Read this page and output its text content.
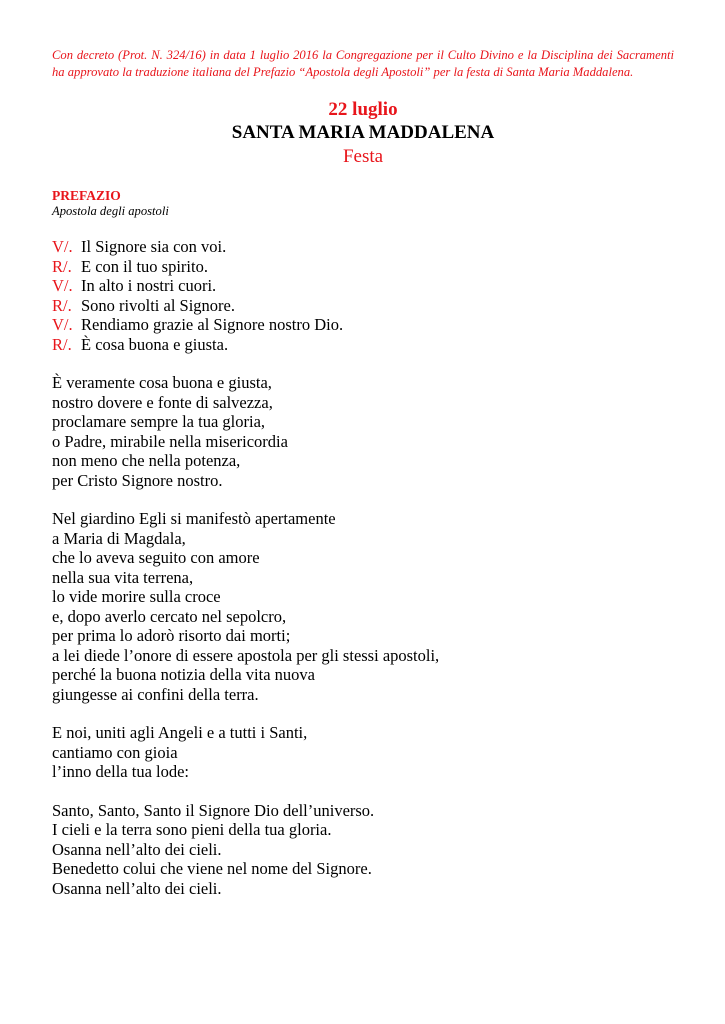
Con decreto (Prot. N. 324/16) in data 1 luglio 2016 la Congregazione per il Culto Divino e la Disciplina dei Sacramenti ha approvato la traduzione italiana del Prefazio “Apostola degli Apostoli” per la festa di Santa Maria Maddalena.

22 luglio
SANTA MARIA MADDALENA
Festa
PREFAZIO
Apostola degli apostoli
V/. Il Signore sia con voi.
R/. E con il tuo spirito.
V/. In alto i nostri cuori.
R/. Sono rivolti al Signore.
V/. Rendiamo grazie al Signore nostro Dio.
R/. È cosa buona e giusta.
È veramente cosa buona e giusta,
nostro dovere e fonte di salvezza,
proclamare sempre la tua gloria,
o Padre, mirabile nella misericordia
non meno che nella potenza,
per Cristo Signore nostro.
Nel giardino Egli si manifestò apertamente
a Maria di Magdala,
che lo aveva seguito con amore
nella sua vita terrena,
lo vide morire sulla croce
e, dopo averlo cercato nel sepolcro,
per prima lo adorò risorto dai morti;
a lei diede l’onore di essere apostola per gli stessi apostoli,
perché la buona notizia della vita nuova
giungesse ai confini della terra.
E noi, uniti agli Angeli e a tutti i Santi,
cantiamo con gioia
l’inno della tua lode:
Santo, Santo, Santo il Signore Dio dell’universo.
I cieli e la terra sono pieni della tua gloria.
Osanna nell’alto dei cieli.
Benedetto colui che viene nel nome del Signore.
Osanna nell’alto dei cieli.
